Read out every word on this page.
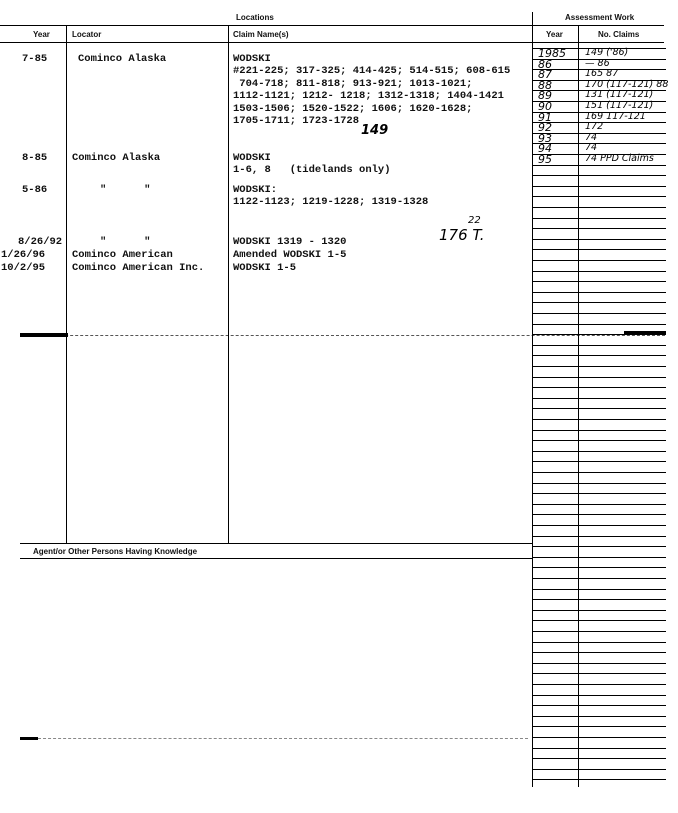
Locations	Assessment Work
Year	Locator	Claim Name(s)	Year	No. Claims
Agent/or Other Persons Having Knowledge
7-85	Cominco Alaska	WODSKI
#221-225; 317-325; 414-425; 514-515; 608-615
704-718; 811-818; 913-921; 1013-1021;
1112-1121; 1212- 1218; 1312-1318; 1404-1421
1503-1506; 1520-1522; 1606; 1620-1628;
1705-1711; 1723-1728
8-85 Cominco Alaska	WODSKI
1-6, 8   (tidelands only)
5-86	"      "	WODSKI:
1122-1123; 1219-1228; 1319-1328
8/26/92	"      "	WODSKI 1319 - 1320
1/26/96	Cominco American	Amended WODSKI 1-5
10/2/95	Cominco American Inc.	WODSKI 1-5
149
22
176 T.
1985 149 ('86)
86	— 86
87	165 87
88	170 (117-121) 88
89	131 (117-121)
90	151 (117-121)
91	169 117-121
92	172
93	74
94	74
95	74 PPD Claims
